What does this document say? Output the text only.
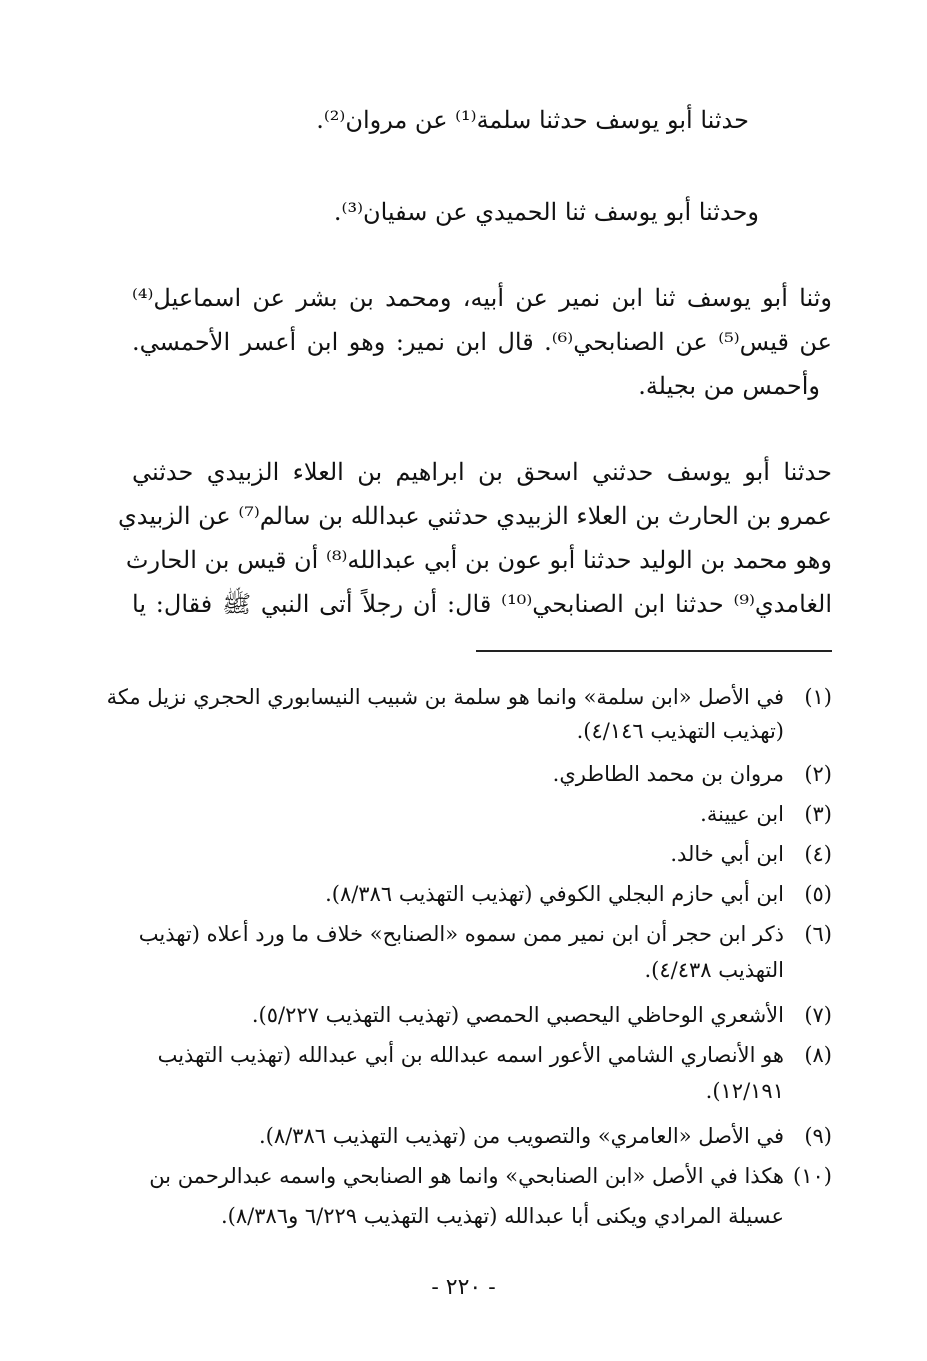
حدثنا أبو يوسف حدثنا سلمة⁽¹⁾ عن مروان⁽²⁾.
وحدثنا أبو يوسف ثنا الحميدي عن سفيان⁽³⁾.
وثنا أبو يوسف ثنا ابن نمير عن أبيه، ومحمد بن بشر عن اسماعيل⁽⁴⁾
عن قيس⁽⁵⁾ عن الصنابحي⁽⁶⁾. قال ابن نمير: وهو ابن أعسر الأحمسي.
وأحمس من بجيلة.
حدثنا أبو يوسف حدثني اسحق بن ابراهيم بن العلاء الزبيدي حدثني
عمرو بن الحارث بن العلاء الزبيدي حدثني عبدالله بن سالم⁽⁷⁾ عن الزبيدي
وهو محمد بن الوليد حدثنا أبو عون بن أبي عبدالله⁽⁸⁾ أن قيس بن الحارث
الغامدي⁽⁹⁾ حدثنا ابن الصنابحي⁽¹⁰⁾ قال: أن رجلاً أتى النبي ﷺ فقال: يا
(١)
في الأصل «ابن سلمة» وانما هو سلمة بن شبيب النيسابوري الحجري نزيل مكة
(تهذيب التهذيب ٤/١٤٦).
(٢)
مروان بن محمد الطاطري.
(٣)
ابن عيينة.
(٤)
ابن أبي خالد.
(٥)
ابن أبي حازم البجلي الكوفي (تهذيب التهذيب ٨/٣٨٦).
(٦)
ذكر ابن حجر أن ابن نمير ممن سموه «الصنابح» خلاف ما ورد أعلاه (تهذيب
التهذيب ٤/٤٣٨).
(٧)
الأشعري الوحاظي اليحصبي الحمصي (تهذيب التهذيب ٥/٢٢٧).
(٨)
هو الأنصاري الشامي الأعور اسمه عبدالله بن أبي عبدالله (تهذيب التهذيب
١٢/١٩١).
(٩)
في الأصل «العامري» والتصويب من (تهذيب التهذيب ٨/٣٨٦).
(١٠)
هكذا في الأصل «ابن الصنابحي» وانما هو الصنابحي واسمه عبدالرحمن بن
عسيلة المرادي ويكنى أبا عبدالله (تهذيب التهذيب ٦/٢٢٩ و٨/٣٨٦).
- ٢٢٠ -
